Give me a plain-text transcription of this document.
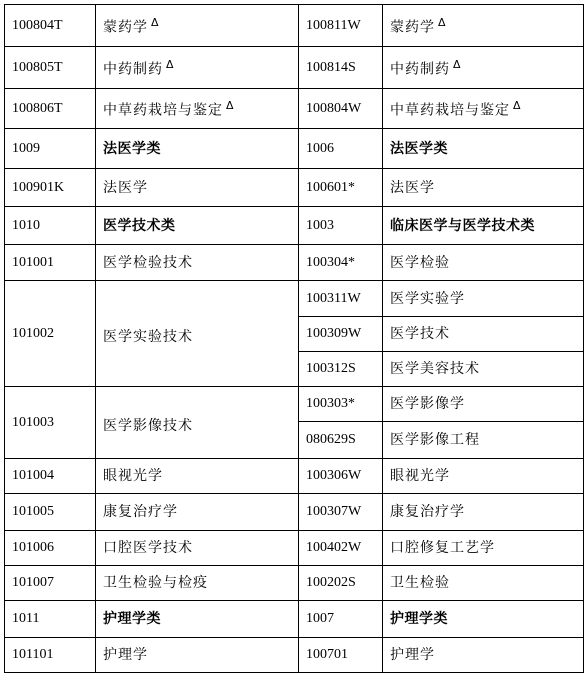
100804T	蒙药学 $^\Delta$	100811W	蒙药学 $^\Delta$
100805T	中药制药 $^\Delta$	100814S	中药制药 $^\Delta$
100806T	中草药栽培与鉴定 $^\Delta$	100804W	中草药栽培与鉴定 $^\Delta$
1009	法医学类	1006	法医学类
100901K	法医学	100601*	法医学
1010	医学技术类	1003	临床医学与医学技术类
101001	医学检验技术	100304*	医学检验
101002	医学实验技术	100311W	医学实验学
		100309W	医学技术
		100312S	医学美容技术
101003	医学影像技术	100303*	医学影像学
		080629S	医学影像工程
101004	眼视光学	100306W	眼视光学
101005	康复治疗学	100307W	康复治疗学
101006	口腔医学技术	100402W	口腔修复工艺学
101007	卫生检验与检疫	100202S	卫生检验
1011	护理学类	1007	护理学类
101101	护理学	100701	护理学
